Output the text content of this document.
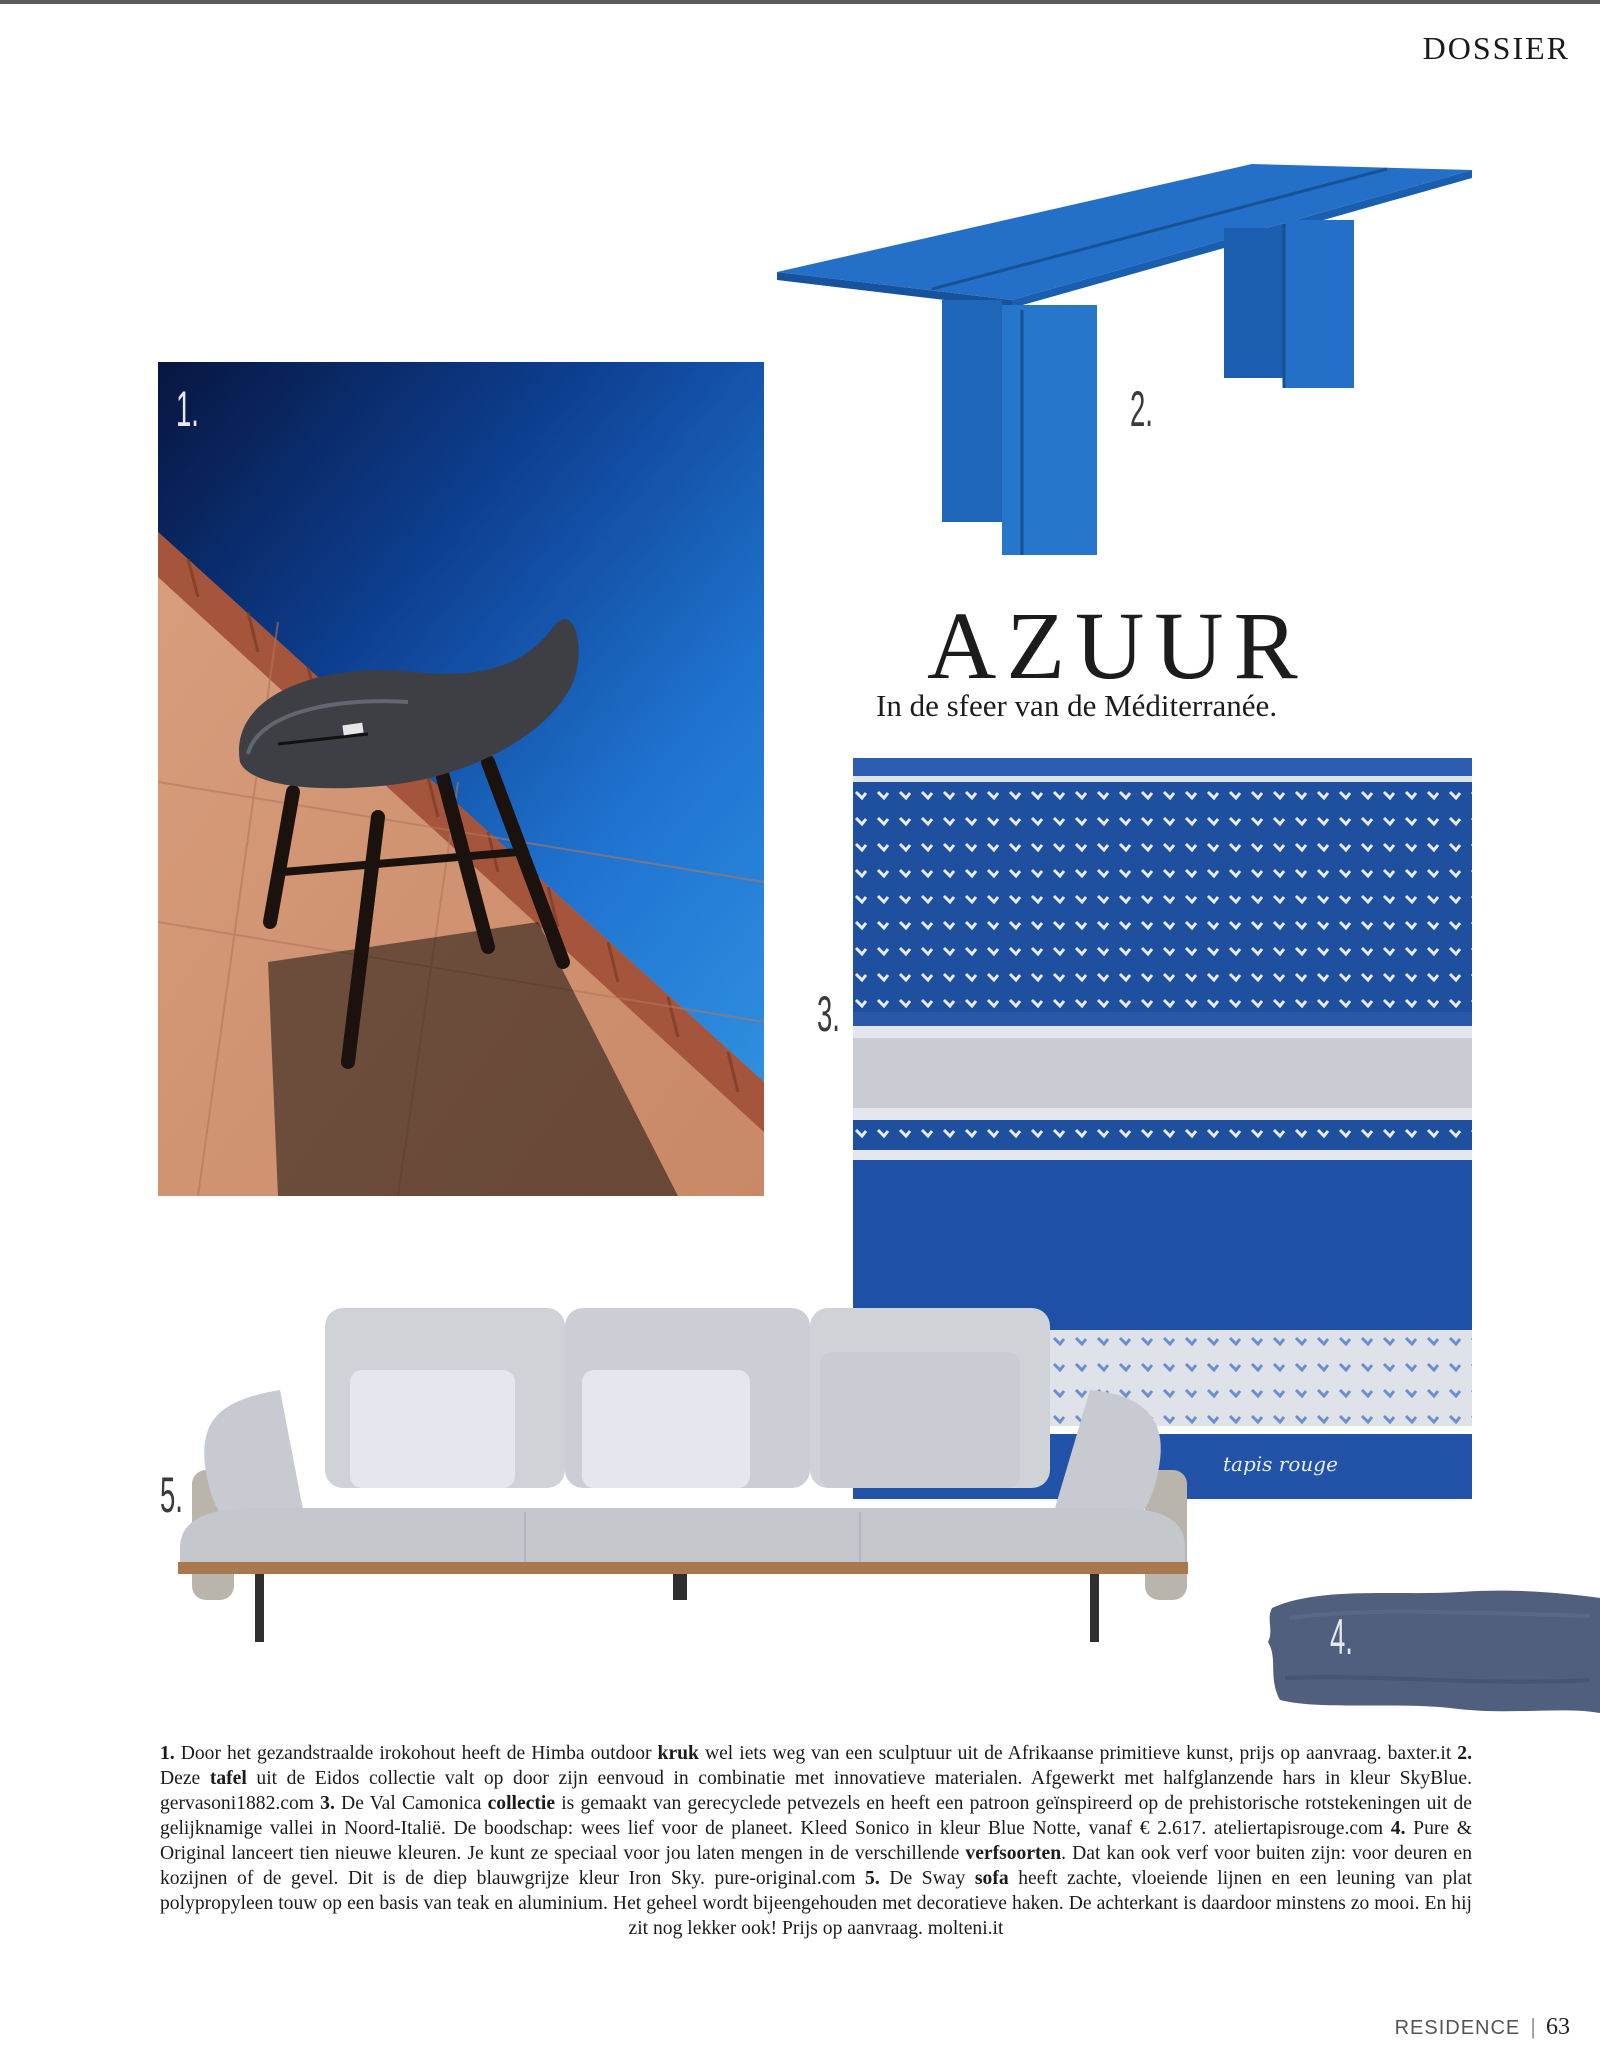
DOSSIER
1.	2.
AZUUR
In de sfeer van de Méditerranée.
tapis rouge
3.
4.
5.
1. Door het gezandstraalde irokohout heeft de Himba outdoor kruk wel iets weg van een sculptuur uit de Afrikaanse primitieve kunst, prijs op aanvraag. baxter.it 2. Deze tafel uit de Eidos collectie valt op door zijn eenvoud in combinatie met innovatieve materialen. Afgewerkt met halfglanzende hars in kleur SkyBlue. gervasoni1882.com 3. De Val Camonica collectie is gemaakt van gerecyclede petvezels en heeft een patroon geïnspireerd op de prehistorische rotstekeningen uit de gelijknamige vallei in Noord-Italië. De boodschap: wees lief voor de planeet. Kleed Sonico in kleur Blue Notte, vanaf € 2.617. ateliertapisrouge.com 4. Pure & Original lanceert tien nieuwe kleuren. Je kunt ze speciaal voor jou laten mengen in de verschillende verfsoorten. Dat kan ook verf voor buiten zijn: voor deuren en kozijnen of de gevel. Dit is de diep blauwgrijze kleur Iron Sky. pure-original.com 5. De Sway sofa heeft zachte, vloeiende lijnen en een leuning van plat polypropyleen touw op een basis van teak en aluminium. Het geheel wordt bijeengehouden met decoratieve haken. De achterkant is daardoor minstens zo mooi. En hij zit nog lekker ook! Prijs op aanvraag. molteni.it
RESIDENCE | 63
